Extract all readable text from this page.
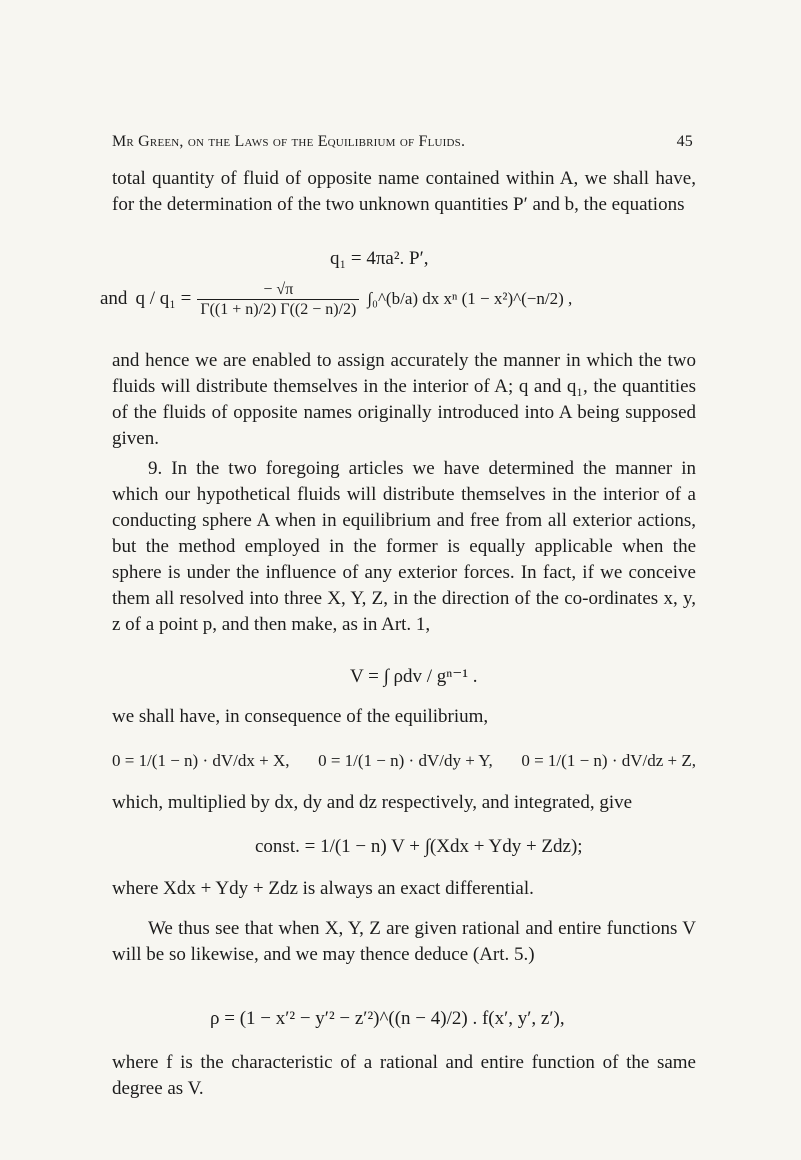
Mr Green, on the Laws of the Equilibrium of Fluids.	45

total quantity of fluid of opposite name contained within A, we shall have, for the determination of the two unknown quantities P′ and b, the equations

q₁ = 4πa². P′,
and $q / q_1 = \frac{- √\pi}{\Gamma((1 + n)/2) \Gamma((2 - n)/2)}$ ∫₀^(b/a) dx xⁿ (1 − x²)^(−n/2) ,

and hence we are enabled to assign accurately the manner in which the two fluids will distribute themselves in the interior of A; q and q₁, the quantities of the fluids of opposite names originally introduced into A being supposed given.

9. In the two foregoing articles we have determined the manner in which our hypothetical fluids will distribute themselves in the interior of a conducting sphere A when in equilibrium and free from all exterior actions, but the method employed in the former is equally applicable when the sphere is under the influence of any exterior forces. In fact, if we conceive them all resolved into three X, Y, Z, in the direction of the co-ordinates x, y, z of a point p, and then make, as in Art. 1,

V = ∫ ρdv / gⁿ⁻¹ .

we shall have, in consequence of the equilibrium,

0 = 1/(1 − n) · dV/dx + X, 0 = 1/(1 − n) · dV/dy + Y, 0 = 1/(1 − n) · dV/dz + Z,

which, multiplied by dx, dy and dz respectively, and integrated, give

const. = 1/(1 − n) V + ∫(Xdx + Ydy + Zdz);

where Xdx + Ydy + Zdz is always an exact differential.

We thus see that when X, Y, Z are given rational and entire functions V will be so likewise, and we may thence deduce (Art. 5.)

ρ = (1 − x′² − y′² − z′²)^((n − 4)/2) . f(x′, y′, z′),

where f is the characteristic of a rational and entire function of the same degree as V.
